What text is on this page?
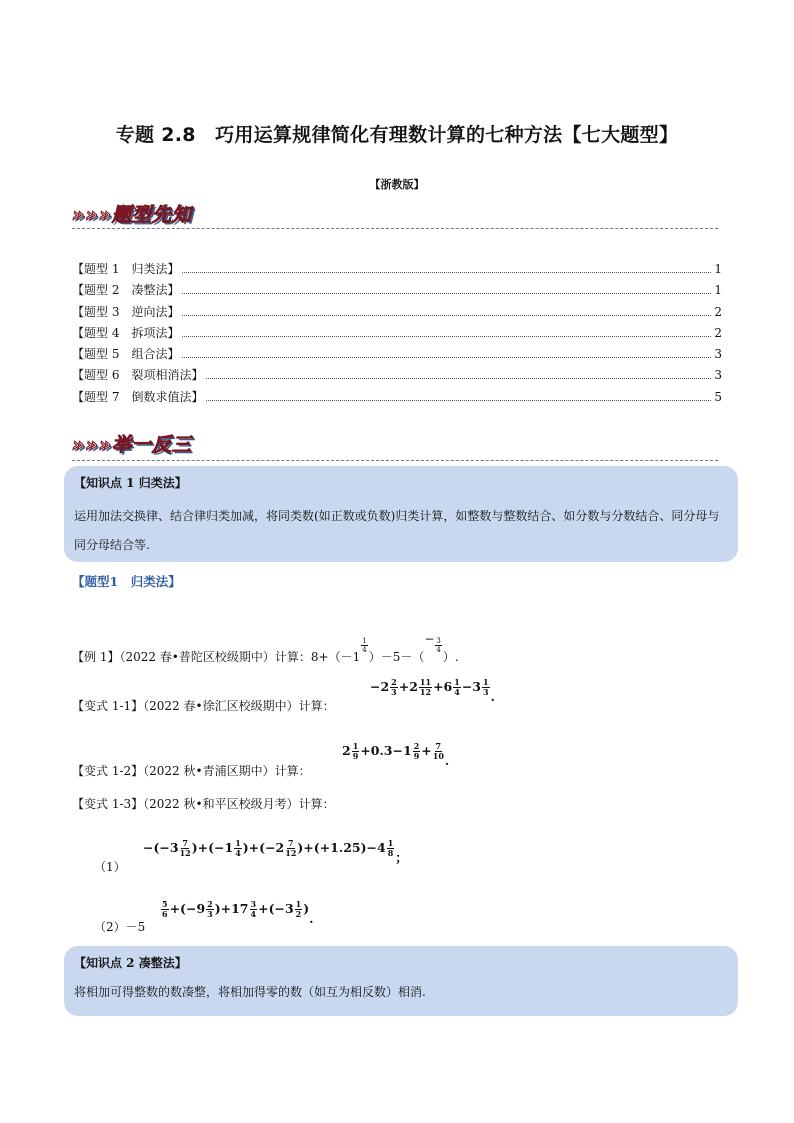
专题 2.8　巧用运算规律简化有理数计算的七种方法【七大题型】
【浙教版】
»»»题型先知
【题型 1　归类法】	1
【题型 2　凑整法】	1
【题型 3　逆向法】	2
【题型 4　拆项法】	2
【题型 5　组合法】	3
【题型 6　裂项相消法】	3
【题型 7　倒数求值法】	5
»»»举一反三
【知识点 1 归类法】
运用加法交换律、结合律归类加减，将同类数(如正数或负数)归类计算，如整数与整数结合、如分数与分数结合、同分母与同分母结合等.
【题型1　归类法】
【例 1】（2022 春•普陀区校级期中）计算：8+（－1
$\frac{1}{4}$
）$-5-(- \frac{3}{4}$
）.
【变式 1-1】（2022 春•徐汇区校级期中）计算：
$-2 \frac{2}{3} +2 \frac{11}{12} +6 \frac{1}{4} -3 \frac{1}{3}$ .
【变式 1-2】（2022 秋•青浦区期中）计算：
$2 \frac{1}{9} +0.3-1 \frac{2}{9} + \frac{7}{10}$ .
【变式 1-3】（2022 秋•和平区校级月考）计算：
（1）
$-(-3 \frac{7}{12} )+(-1 \frac{1}{4} )+(-2 \frac{7}{12} )+(+1.25)-4 \frac{1}{8}$ ；
（2）－5
$\frac{5}{6} +(-9 \frac{2}{3} )+17 \frac{3}{4} +(-3 \frac{1}{2}$ ).
【知识点 2 凑整法】
将相加可得整数的数凑整，将相加得零的数（如互为相反数）相消.
